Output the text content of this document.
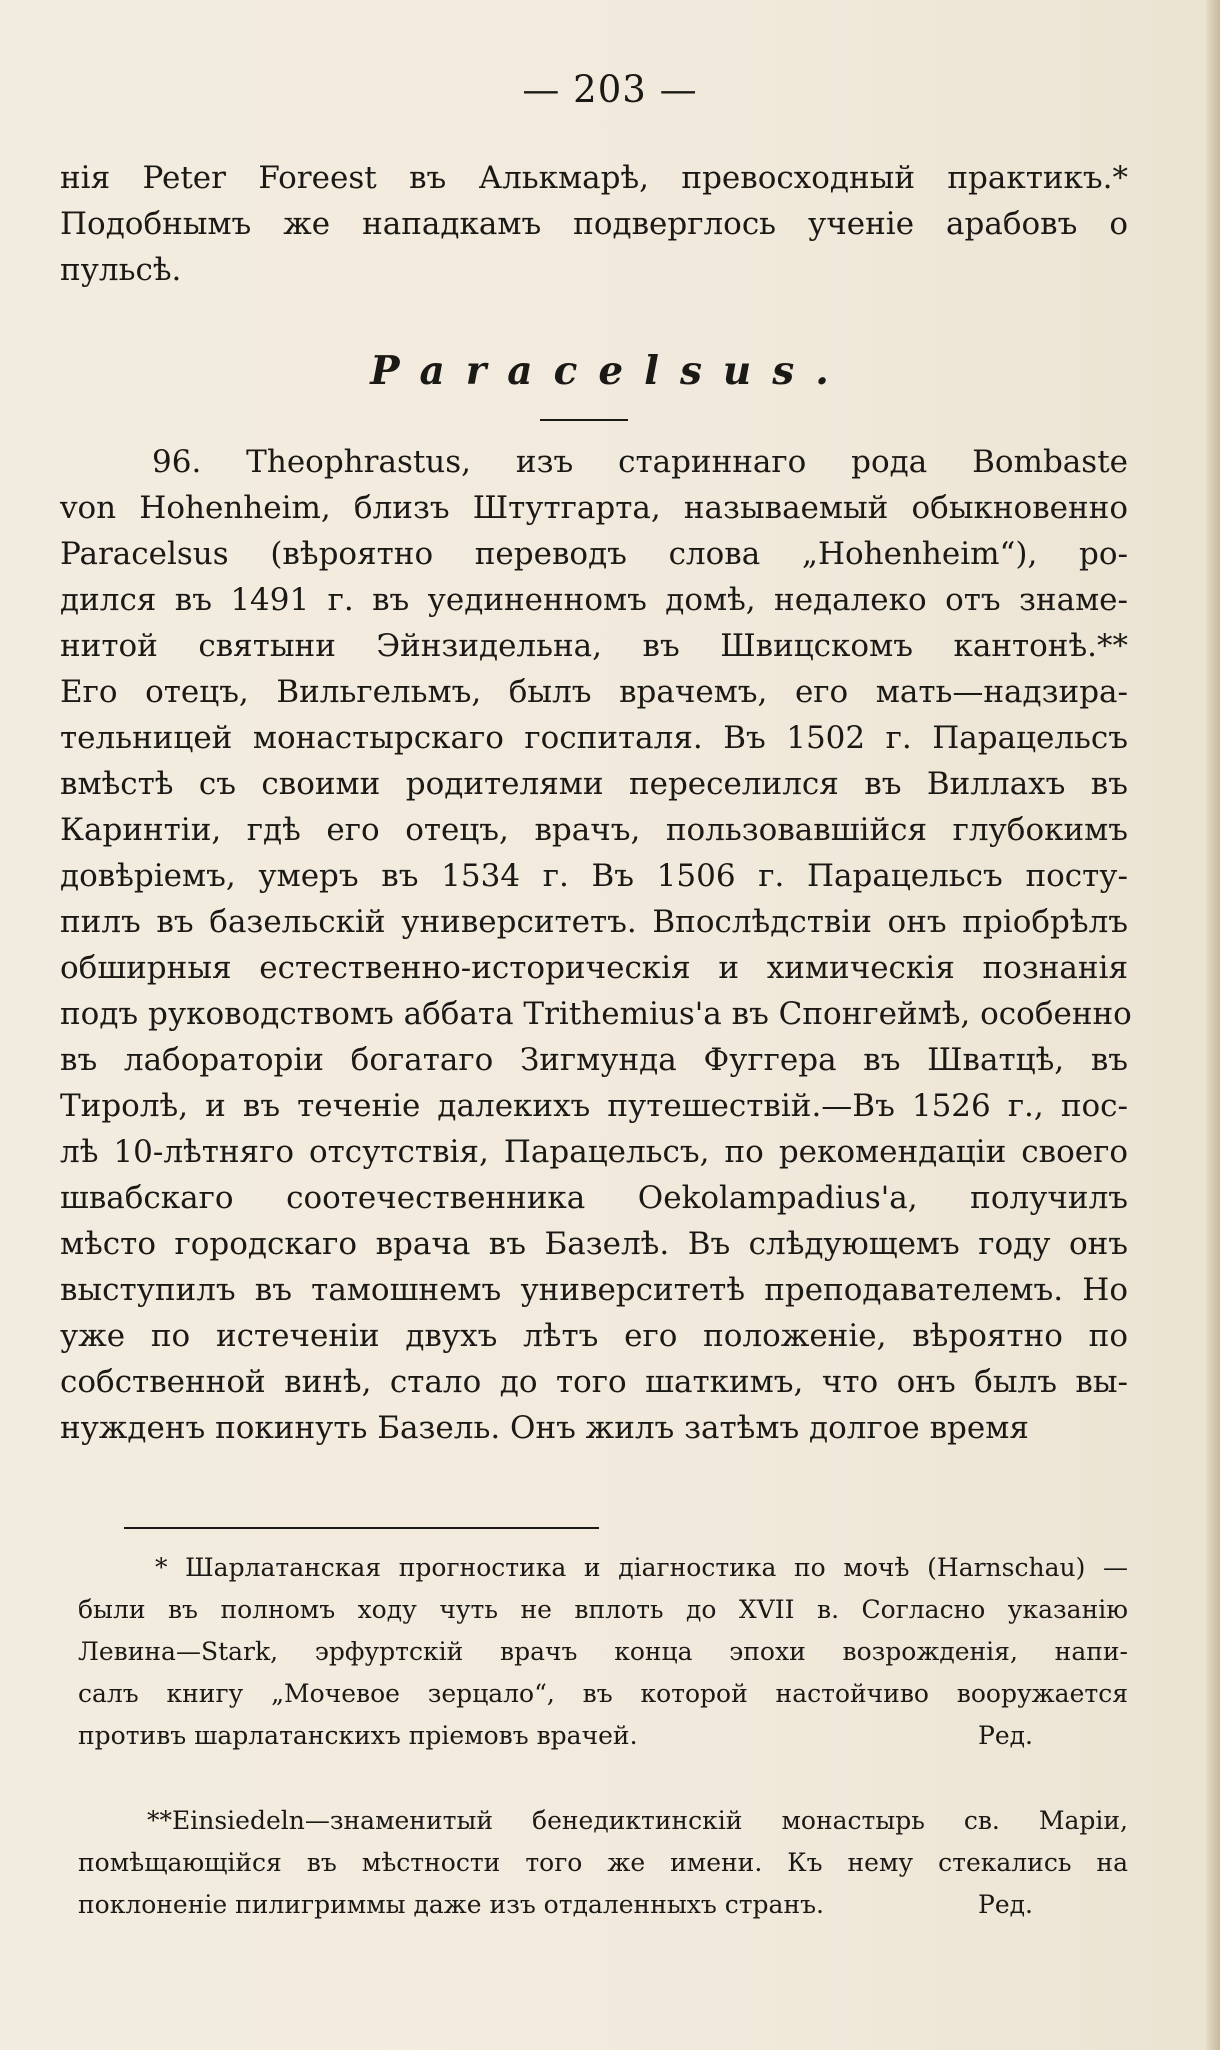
— 203 —
нія Peter Foreest въ Алькмарѣ, превосходный практикъ.*
Подобнымъ же нападкамъ подверглось ученіе арабовъ о
пульсѣ.
Paracelsus.
96. Theophrastus, изъ стариннаго рода Bombaste
von Hohenheim, близъ Штутгарта, называемый обыкновенно
Paracelsus (вѣроятно переводъ слова „Hohenheim“), ро-
дился въ 1491 г. въ уединенномъ домѣ, недалеко отъ знаме-
нитой святыни Эйнзидельна, въ Швицскомъ кантонѣ.**
Его отецъ, Вильгельмъ, былъ врачемъ, его мать—надзира-
тельницей монастырскаго госпиталя. Въ 1502 г. Парацельсъ
вмѣстѣ съ своими родителями переселился въ Виллахъ въ
Каринтіи, гдѣ его отецъ, врачъ, пользовавшійся глубокимъ
довѣріемъ, умеръ въ 1534 г. Въ 1506 г. Парацельсъ посту-
пилъ въ базельскій университетъ. Впослѣдствіи онъ пріобрѣлъ
обширныя естественно-историческія и химическія познанія
подъ руководствомъ аббата Trithemius'а въ Спонгеймѣ, особенно
въ лабораторіи богатаго Зигмунда Фуггера въ Шватцѣ, въ
Тиролѣ, и въ теченіе далекихъ путешествій.—Въ 1526 г., пос-
лѣ 10-лѣтняго отсутствія, Парацельсъ, по рекомендаціи своего
швабскаго соотечественника Oekolampadius'а, получилъ
мѣсто городскаго врача въ Базелѣ. Въ слѣдующемъ году онъ
выступилъ въ тамошнемъ университетѣ преподавателемъ. Но
уже по истеченіи двухъ лѣтъ его положеніе, вѣроятно по
собственной винѣ, стало до того шаткимъ, что онъ былъ вы-
нужденъ покинуть Базель. Онъ жилъ затѣмъ долгое время
* Шарлатанская прогностика и діагностика по мочѣ (Harnschau) —
были въ полномъ ходу чуть не вплоть до XVII в. Согласно указанію
Левина—Stark, эрфуртскій врачъ конца эпохи возрожденія, напи-
салъ книгу „Мочевое зерцало“, въ которой настойчиво вооружается
противъ шарлатанскихъ пріемовъ врачей.	Ред.
**Einsiedeln—знаменитый бенедиктинскій монастырь св. Маріи,
помѣщающійся въ мѣстности того же имени. Къ нему стекались на
поклоненіе пилигриммы даже изъ отдаленныхъ странъ.	Ред.
